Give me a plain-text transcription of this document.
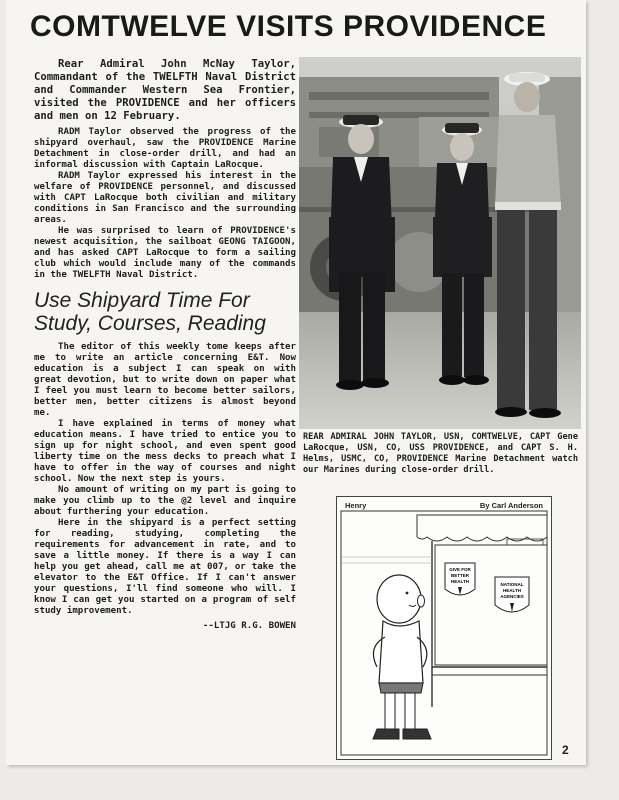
COMTWELVE VISITS PROVIDENCE

Rear Admiral John McNay Taylor, Commandant of the TWELFTH Naval District and Commander Western Sea Frontier, visited the PROVIDENCE and her officers and men on 12 February.

RADM Taylor observed the progress of the shipyard overhaul, saw the PROVIDENCE Marine Detachment in close-order drill, and had an informal discussion with Captain LaRocque.

RADM Taylor expressed his interest in the welfare of PROVIDENCE personnel, and discussed with CAPT LaRocque both civilian and military conditions in San Francisco and the surrounding areas.

He was surprised to learn of PROVIDENCE's newest acquisition, the sailboat GEONG TAIGOON, and has asked CAPT LaRocque to form a sailing club which would include many of the commands in the TWELFTH Naval District.

Use Shipyard Time For
Study, Courses, Reading

The editor of this weekly tome keeps after me to write an article concerning E&T. Now education is a subject I can speak on with great devotion, but to write down on paper what I feel you must learn to become better sailors, better men, better citizens is almost beyond me.

I have explained in terms of money what education means. I have tried to entice you to sign up for night school, and even spent good liberty time on the mess decks to preach what I have to offer in the way of courses and night school. Now the next step is yours.

No amount of writing on my part is going to make you climb up to the @2 level and inquire about furthering your education.

Here in the shipyard is a perfect setting for reading, studying, completing the requirements for advancement in rate, and to save a little money. If there is a way I can help you get ahead, call me at 007, or take the elevator to the E&T Office. If I can't answer your questions, I'll find someone who will. I know I can get you started on a program of self study improvement.

--LTJG R.G. BOWEN

REAR ADMIRAL JOHN TAYLOR, USN, COMTWELVE, CAPT Gene LaRocque, USN, CO, USS PROVIDENCE, and CAPT S. H. Helms, USMC, CO, PROVIDENCE Marine Detachment watch our Marines during close-order drill.
Henry	By Carl Anderson
GIVE FOR
BETTER
HEALTH
NATIONAL
HEALTH
AGENCIES
2
